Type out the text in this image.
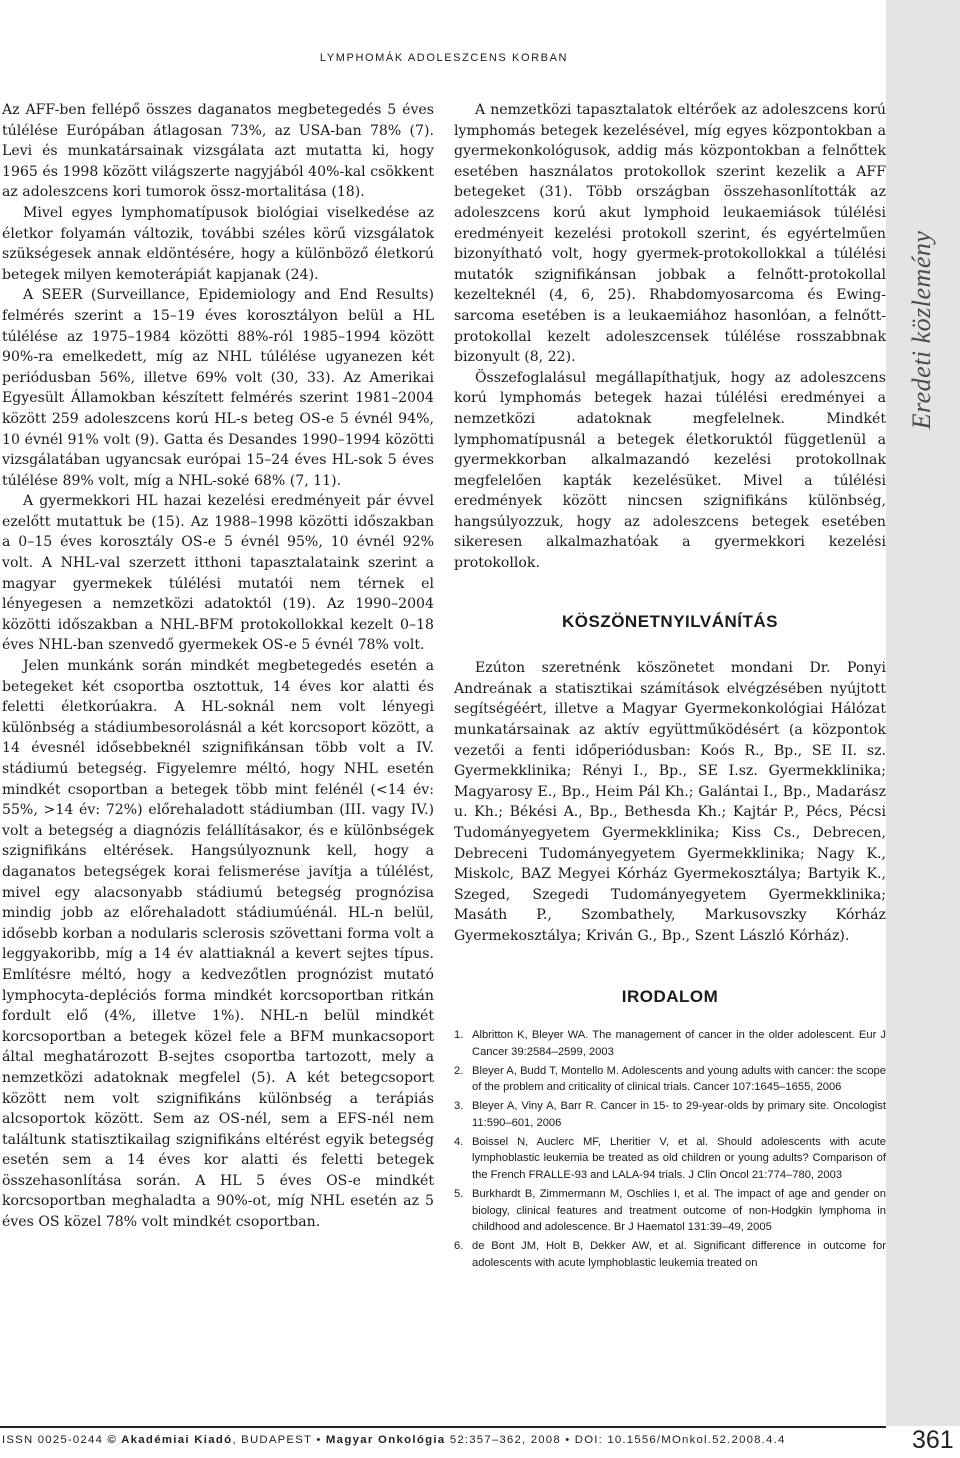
LYMPHOMÁK ADOLESZCENS KORBAN
Eredeti közlemény

Az AFF-ben fellépő összes daganatos megbetegedés 5 éves túlélése Európában átlagosan 73%, az USA-ban 78% (7). Levi és munkatársainak vizsgálata azt mutatta ki, hogy 1965 és 1998 között világszerte nagyjából 40%-kal csökkent az adoleszcens kori tumorok össz-mortalitása (18).

Mivel egyes lymphomatípusok biológiai viselkedése az életkor folyamán változik, további széles körű vizsgálatok szükségesek annak eldöntésére, hogy a különböző életkorú betegek milyen kemoterápiát kapjanak (24).

A SEER (Surveillance, Epidemiology and End Results) felmérés szerint a 15–19 éves korosztályon belül a HL túlélése az 1975–1984 közötti 88%-ról 1985–1994 között 90%-ra emelkedett, míg az NHL túlélése ugyanezen két periódusban 56%, illetve 69% volt (30, 33). Az Amerikai Egyesült Államokban készített felmérés szerint 1981–2004 között 259 adoleszcens korú HL-s beteg OS-e 5 évnél 94%, 10 évnél 91% volt (9). Gatta és Desandes 1990–1994 közötti vizsgálatában ugyancsak európai 15–24 éves HL-sok 5 éves túlélése 89% volt, míg a NHL-soké 68% (7, 11).

A gyermekkori HL hazai kezelési eredményeit pár évvel ezelőtt mutattuk be (15). Az 1988–1998 közötti időszakban a 0–15 éves korosztály OS-e 5 évnél 95%, 10 évnél 92% volt. A NHL-val szerzett itthoni tapasztalataink szerint a magyar gyermekek túlélési mutatói nem térnek el lényegesen a nemzetközi adatoktól (19). Az 1990–2004 közötti időszakban a NHL-BFM protokollokkal kezelt 0–18 éves NHL-ban szenvedő gyermekek OS-e 5 évnél 78% volt.

Jelen munkánk során mindkét megbetegedés esetén a betegeket két csoportba osztottuk, 14 éves kor alatti és feletti életkorúakra. A HL-soknál nem volt lényegi különbség a stádiumbesorolásnál a két korcsoport között, a 14 évesnél idősebbeknél szignifikánsan több volt a IV. stádiumú betegség. Figyelemre méltó, hogy NHL esetén mindkét csoportban a betegek több mint felénél (<14 év: 55%, >14 év: 72%) előrehaladott stádiumban (III. vagy IV.) volt a betegség a diagnózis felállításakor, és e különbségek szignifikáns eltérések. Hangsúlyoznunk kell, hogy a daganatos betegségek korai felismerése javítja a túlélést, mivel egy alacsonyabb stádiumú betegség prognózisa mindig jobb az előrehaladott stádiumúénál. HL-n belül, idősebb korban a nodularis sclerosis szövettani forma volt a leggyakoribb, míg a 14 év alattiaknál a kevert sejtes típus. Említésre méltó, hogy a kedvezőtlen prognózist mutató lymphocyta-depléciós forma mindkét korcsoportban ritkán fordult elő (4%, illetve 1%). NHL-n belül mindkét korcsoportban a betegek közel fele a BFM munkacsoport által meghatározott B-sejtes csoportba tartozott, mely a nemzetközi adatoknak megfelel (5). A két betegcsoport között nem volt szignifikáns különbség a terápiás alcsoportok között. Sem az OS-nél, sem a EFS-nél nem találtunk statisztikailag szignifikáns eltérést egyik betegség esetén sem a 14 éves kor alatti és feletti betegek összehasonlítása során. A HL 5 éves OS-e mindkét korcsoportban meghaladta a 90%-ot, míg NHL esetén az 5 éves OS közel 78% volt mindkét csoportban.

A nemzetközi tapasztalatok eltérőek az adoleszcens korú lymphomás betegek kezelésével, míg egyes központokban a gyermekonkológusok, addig más központokban a felnőttek esetében használatos protokollok szerint kezelik a AFF betegeket (31). Több országban összehasonlították az adoleszcens korú akut lymphoid leukaemiások túlélési eredményeit kezelési protokoll szerint, és egyértelműen bizonyítható volt, hogy gyermek-protokollokkal a túlélési mutatók szignifikánsan jobbak a felnőtt-protokollal kezelteknél (4, 6, 25). Rhabdomyosarcoma és Ewing-sarcoma esetében is a leukaemiához hasonlóan, a felnőtt-protokollal kezelt adoleszcensek túlélése rosszabbnak bizonyult (8, 22).

Összefoglalásul megállapíthatjuk, hogy az adoleszcens korú lymphomás betegek hazai túlélési eredményei a nemzetközi adatoknak megfelelnek. Mindkét lymphomatípusnál a betegek életkoruktól függetlenül a gyermekkorban alkalmazandó kezelési protokollnak megfelelően kapták kezelésüket. Mivel a túlélési eredmények között nincsen szignifikáns különbség, hangsúlyozzuk, hogy az adoleszcens betegek esetében sikeresen alkalmazhatóak a gyermekkori kezelési protokollok.

KÖSZÖNETNYILVÁNÍTÁS

Ezúton szeretnénk köszönetet mondani Dr. Ponyi Andreának a statisztikai számítások elvégzésében nyújtott segítségéért, illetve a Magyar Gyermekonkológiai Hálózat munkatársainak az aktív együttműködésért (a központok vezetői a fenti időperiódusban: Koós R., Bp., SE II. sz. Gyermekklinika; Rényi I., Bp., SE I.sz. Gyermekklinika; Magyarosy E., Bp., Heim Pál Kh.; Galántai I., Bp., Madarász u. Kh.; Békési A., Bp., Bethesda Kh.; Kajtár P., Pécs, Pécsi Tudományegyetem Gyermekklinika; Kiss Cs., Debrecen, Debreceni Tudományegyetem Gyermekklinika; Nagy K., Miskolc, BAZ Megyei Kórház Gyermekosztálya; Bartyik K., Szeged, Szegedi Tudományegyetem Gyermekklinika; Masáth P., Szombathely, Markusovszky Kórház Gyermekosztálya; Kriván G., Bp., Szent László Kórház).

IRODALOM
1. Albritton K, Bleyer WA. The management of cancer in the older adolescent. Eur J Cancer 39:2584–2599, 2003
2. Bleyer A, Budd T, Montello M. Adolescents and young adults with cancer: the scope of the problem and criticality of clinical trials. Cancer 107:1645–1655, 2006
3. Bleyer A, Viny A, Barr R. Cancer in 15- to 29-year-olds by primary site. Oncologist 11:590–601, 2006
4. Boissel N, Auclerc MF, Lheritier V, et al. Should adolescents with acute lymphoblastic leukemia be treated as old children or young adults? Comparison of the French FRALLE-93 and LALA-94 trials. J Clin Oncol 21:774–780, 2003
5. Burkhardt B, Zimmermann M, Oschlies I, et al. The impact of age and gender on biology, clinical features and treatment outcome of non-Hodgkin lymphoma in childhood and adolescence. Br J Haematol 131:39–49, 2005
6. de Bont JM, Holt B, Dekker AW, et al. Significant difference in outcome for adolescents with acute lymphoblastic leukemia treated on
ISSN 0025-0244 © Akadémiai Kiadó, BUDAPEST • Magyar Onkológia 52:357–362, 2008 • DOI: 10.1556/MOnkol.52.2008.4.4	361
